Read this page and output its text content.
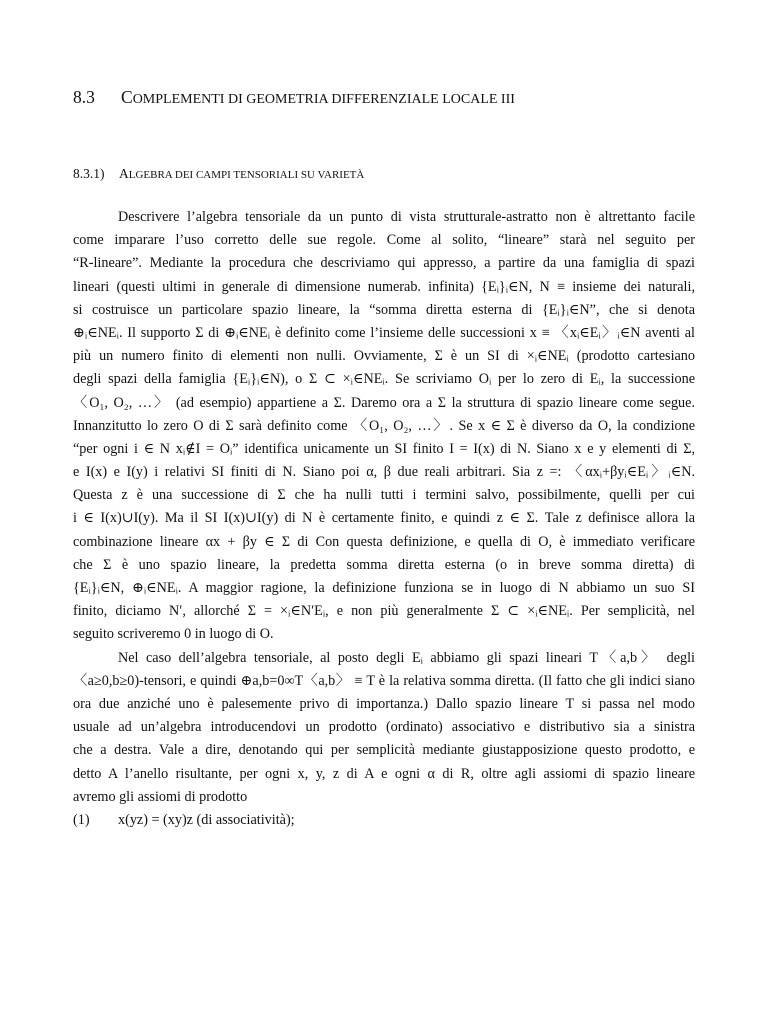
8.3 COMPLEMENTI DI GEOMETRIA DIFFERENZIALE LOCALE III
8.3.1) ALGEBRA DEI CAMPI TENSORIALI SU VARIETÀ
Descrivere l’algebra tensoriale da un punto di vista strutturale-astratto non è altrettanto facile
come imparare l’uso corretto delle sue regole. Come al solito, “lineare” starà nel seguito per
“R-lineare”. Mediante la procedura che descriviamo qui appresso, a partire da una famiglia di spazi
lineari (questi ultimi in generale di dimensione numerab. infinita) {Eᵢ}ᵢ∈N, N ≡ insieme dei naturali,
si costruisce un particolare spazio lineare, la “somma diretta esterna di {Eᵢ}ᵢ∈N”, che si denota
⊕ᵢ∈NEᵢ. Il supporto Σ di ⊕ᵢ∈NEᵢ è definito come l’insieme delle successioni x ≡ 〈xᵢ∈Eᵢ〉ᵢ∈N aventi al
più un numero finito di elementi non nulli. Ovviamente, Σ è un SI di ×ᵢ∈NEᵢ (prodotto cartesiano
degli spazi della famiglia {Eᵢ}ᵢ∈N), o Σ ⊂ ×ᵢ∈NEᵢ. Se scriviamo Oᵢ per lo zero di Eᵢ, la successione
〈O₁, O₂, …〉 (ad esempio) appartiene a Σ. Daremo ora a Σ la struttura di spazio lineare come segue.
Innanzitutto lo zero O di Σ sarà definito come 〈O₁, O₂, …〉. Se x ∈ Σ è diverso da O, la condizione
“per ogni i ∈ N xᵢ∉I = Oᵢ” identifica unicamente un SI finito I = I(x) di N. Siano x e y elementi di Σ,
e I(x) e I(y) i relativi SI finiti di N. Siano poi α, β due reali arbitrari. Sia z =: 〈αxᵢ+βyᵢ∈Eᵢ〉ᵢ∈N.
Questa z è una successione di Σ che ha nulli tutti i termini salvo, possibilmente, quelli per cui
i ∈ I(x)∪I(y). Ma il SI I(x)∪I(y) di N è certamente finito, e quindi z ∈ Σ. Tale z definisce allora la
combinazione lineare αx + βy ∈ Σ di Con questa definizione, e quella di O, è immediato verificare
che Σ è uno spazio lineare, la predetta somma diretta esterna (o in breve somma diretta) di
{Eᵢ}ᵢ∈N, ⊕ᵢ∈NEᵢ. A maggior ragione, la definizione funziona se in luogo di N abbiamo un suo SI
finito, diciamo N′, allorché Σ = ×ᵢ∈N′Eᵢ, e non più generalmente Σ ⊂ ×ᵢ∈NEᵢ. Per semplicità, nel
seguito scriveremo 0 in luogo di O.
Nel caso dell’algebra tensoriale, al posto degli Eᵢ abbiamo gli spazi lineari T〈a,b〉 degli
〈a≥0,b≥0)-tensori, e quindi ⊕a,b=0∞T〈a,b〉 ≡ T è la relativa somma diretta. (Il fatto che gli indici siano
ora due anziché uno è palesemente privo di importanza.) Dallo spazio lineare T si passa nel modo
usuale ad un’algebra introducendovi un prodotto (ordinato) associativo e distributivo sia a sinistra
che a destra. Vale a dire, denotando qui per semplicità mediante giustapposizione questo prodotto, e
detto A l’anello risultante, per ogni x, y, z di A e ogni α di R, oltre agli assiomi di spazio lineare
avremo gli assiomi di prodotto
(1)	x(yz) = (xy)z (di associatività);
